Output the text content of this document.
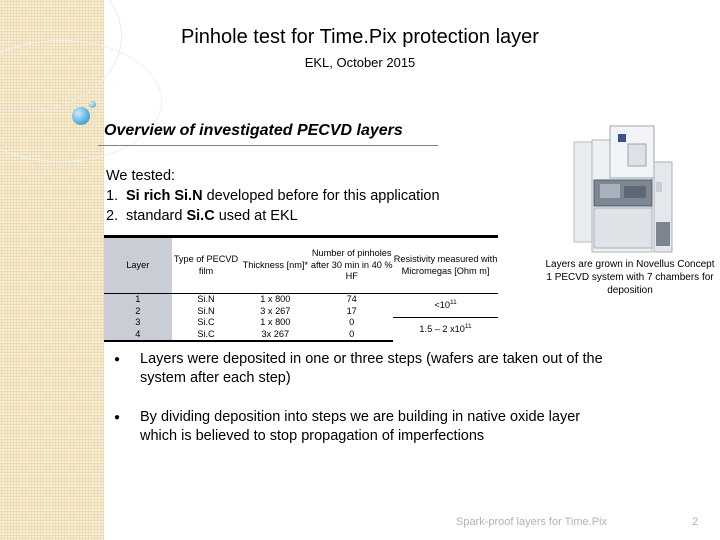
Pinhole test for Time.Pix protection layer
EKL, October 2015
Overview of investigated PECVD layers
We tested:
1. Si rich Si.N developed before for this application
2. standard Si.C used at EKL
Layer	Type of PECVD film	Thickness [nm]*	Number of pinholes after 30 min in 40 % HF	Resistivity measured with Micromegas [Ohm m]
1	Si.N	1 x 800	74	$<10^{11}$
2	Si.N	3 x 267	17	
3	Si.C	1 x 800	0	1.5 – 2 $x10^{11}$
4	Si.C	3x 267	0	
Layers are grown in Novellus Concept 1 PECVD system with 7 chambers for deposition
●	Layers were deposited in one or three steps (wafers are taken out of the system after each step)
●	By dividing deposition into steps we are building in native oxide layer which is believed to stop propagation of imperfections
Spark-proof layers for Time.Pix	2
